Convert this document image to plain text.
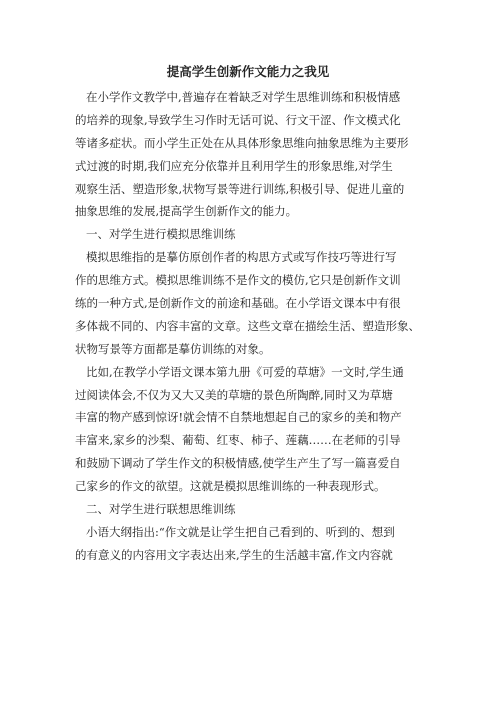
提高学生创新作文能力之我见
在小学作文教学中,普遍存在着缺乏对学生思维训练和积极情感
的培养的现象,导致学生习作时无话可说、行文干涩、作文模式化
等诸多症状。而小学生正处在从具体形象思维向抽象思维为主要形
式过渡的时期,我们应充分依靠并且利用学生的形象思维,对学生
观察生活、塑造形象,状物写景等进行训练,积极引导、促进儿童的
抽象思维的发展,提高学生创新作文的能力。
一、对学生进行模拟思维训练
模拟思维指的是摹仿原创作者的构思方式或写作技巧等进行写
作的思维方式。模拟思维训练不是作文的模仿,它只是创新作文训
练的一种方式,是创新作文的前途和基础。在小学语文课本中有很
多体裁不同的、内容丰富的文章。这些文章在描绘生活、塑造形象、
状物写景等方面都是摹仿训练的对象。
比如,在教学小学语文课本第九册《可爱的草塘》一文时,学生通
过阅读体会,不仅为又大又美的草塘的景色所陶醉,同时又为草塘
丰富的物产感到惊讶!就会情不自禁地想起自己的家乡的美和物产
丰富来,家乡的沙梨、葡萄、红枣、柿子、莲藕……在老师的引导
和鼓励下调动了学生作文的积极情感,使学生产生了写一篇喜爱自
己家乡的作文的欲望。这就是模拟思维训练的一种表现形式。
二、对学生进行联想思维训练
小语大纲指出:“作文就是让学生把自己看到的、听到的、想到
的有意义的内容用文字表达出来,学生的生活越丰富,作文内容就
